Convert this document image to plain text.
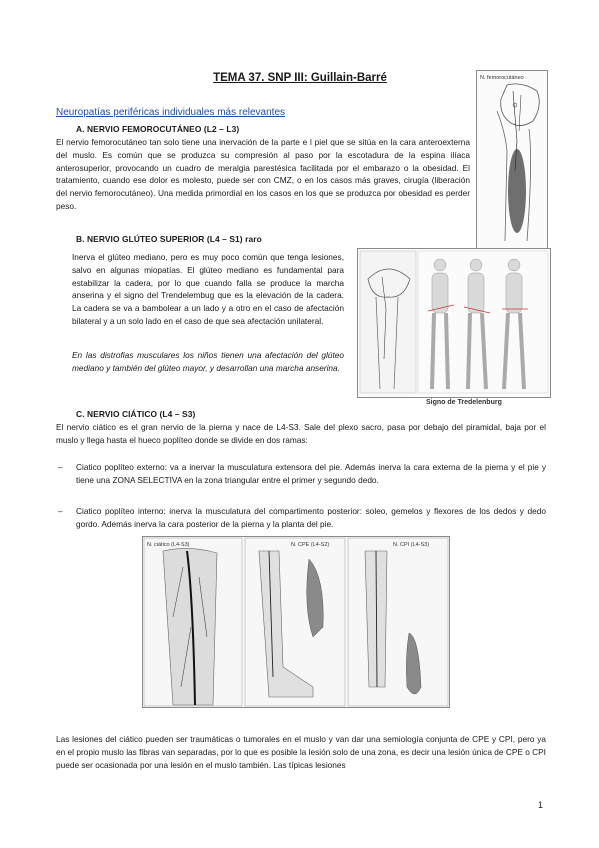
TEMA 37. SNP III: Guillain-Barré
Neuropatías periféricas individuales más relevantes
A. NERVIO FEMOROCUTÁNEO (L2 – L3)
El nervio femorocutáneo tan solo tiene una inervación de la parte e l piel que se sitúa en la cara anteroexterna del muslo. Es común que se produzca su compresión al paso por la escotadura de la espina ilíaca anterosuperior, provocando un cuadro de meralgia parestésica facilitada por el embarazo o la obesidad. El tratamiento, cuando ese dolor es molesto, puede ser con CMZ, o en los casos más graves, cirugía (liberación del nervio femorocutáneo). Una medida primordial en los casos en los que se produzca por obesidad es perder peso.
N. femorocutáneo
B. NERVIO GLÚTEO SUPERIOR (L4 – S1) raro
Inerva el glúteo mediano, pero es muy poco común que tenga lesiones, salvo en algunas miopatías. El glúteo mediano es fundamental para estabilizar la cadera, por lo que cuando falla se produce la marcha anserina y el signo del Trendelembug que es la elevación de la cadera. La cadera se va a bambolear a un lado y a otro en el caso de afectación bilateral y a un solo lado en el caso de que sea afectación unilateral.
En las distrofias musculares los niños tienen una afectación del glúteo mediano y también del glúteo mayor, y desarrollan una marcha anserina.
Signo de Tredelenburg
C. NERVIO CIÁTICO (L4 – S3)
El nervio ciático es el gran nervio de la pierna y nace de L4-S3. Sale del plexo sacro, pasa por debajo del piramidal, baja por el muslo y llega hasta el hueco poplíteo donde se divide en dos ramas:
– Ciatico poplíteo externo: va a inervar la musculatura extensora del pie. Además inerva la cara externa de la pierna y el pie y tiene una ZONA SELECTIVA en la zona triangular entre el primer y segundo dedo.
– Ciatico poplíteo interno: inerva la musculatura del compartimento posterior: soleo, gemelos y flexores de los dedos y dedo gordo. Además inerva la cara posterior de la pierna y la planta del pie.
N. ciático (L4-S3)	N. CPE (L4-S2)	N. CPI (L4-S3)
Las lesiones del ciático pueden ser traumáticas o tumorales en el muslo y van dar una semiología conjunta de CPE y CPI, pero ya en el propio muslo las fibras van separadas, por lo que es posible la lesión solo de una zona, es decir una lesión única de CPE o CPI puede ser ocasionada por una lesión en el muslo también. Las típicas lesiones
1
